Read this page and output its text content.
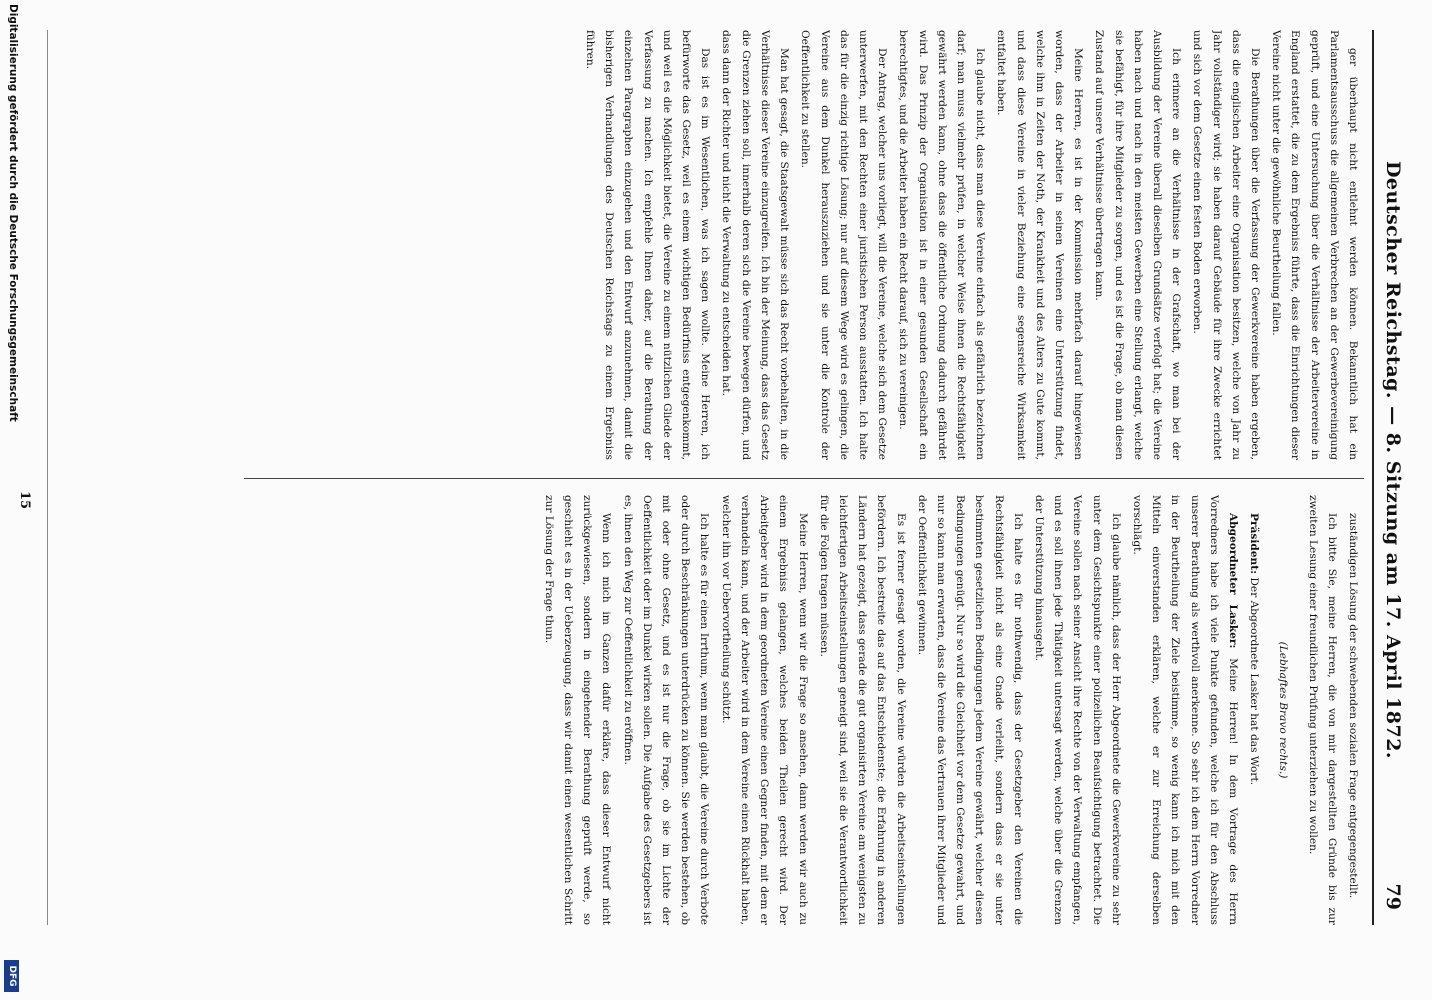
Deutscher Reichstag. — 8. Sitzung am 17. April 1872.
79

ger überhaupt nicht entlehnt werden können. Bekanntlich hat ein Parlamentsausschuss die allgemeinen Verbrechen an der Gewerbevereinigung geprüft, und eine Untersuchung über die Verhältnisse der Arbeitervereine in England erstattet, die zu dem Ergebniss führte, dass die Einrichtungen dieser Vereine nicht unter die gewöhnliche Beurtheilung fallen.

Die Berathungen über die Verfassung der Gewerkvereine haben ergeben, dass die englischen Arbeiter eine Organisation besitzen, welche von Jahr zu Jahr vollständiger wird; sie haben darauf Gebäude für ihre Zwecke errichtet und sich vor dem Gesetze einen festen Boden erworben.

Ich erinnere an die Verhältnisse in der Grafschaft, wo man bei der Ausbildung der Vereine überall dieselben Grundsätze verfolgt hat; die Vereine haben nach und nach in den meisten Gewerben eine Stellung erlangt, welche sie befähigt, für ihre Mitglieder zu sorgen, und es ist die Frage, ob man diesen Zustand auf unsere Verhältnisse übertragen kann.

Meine Herren, es ist in der Kommission mehrfach darauf hingewiesen worden, dass der Arbeiter in seinen Vereinen eine Unterstützung findet, welche ihm in Zeiten der Noth, der Krankheit und des Alters zu Gute kommt, und dass diese Vereine in vieler Beziehung eine segensreiche Wirksamkeit entfaltet haben.

Ich glaube nicht, dass man diese Vereine einfach als gefährlich bezeichnen darf; man muss vielmehr prüfen, in welcher Weise ihnen die Rechtsfähigkeit gewährt werden kann, ohne dass die öffentliche Ordnung dadurch gefährdet wird. Das Prinzip der Organisation ist in einer gesunden Gesellschaft ein berechtigtes, und die Arbeiter haben ein Recht darauf, sich zu vereinigen.

Der Antrag, welcher uns vorliegt, will die Vereine, welche sich dem Gesetze unterwerfen, mit den Rechten einer juristischen Person ausstatten. Ich halte das für die einzig richtige Lösung; nur auf diesem Wege wird es gelingen, die Vereine aus dem Dunkel herauszuziehen und sie unter die Kontrole der Oeffentlichkeit zu stellen.

Man hat gesagt, die Staatsgewalt müsse sich das Recht vorbehalten, in die Verhältnisse dieser Vereine einzugreifen. Ich bin der Meinung, dass das Gesetz die Grenzen ziehen soll, innerhalb deren sich die Vereine bewegen dürfen, und dass dann der Richter und nicht die Verwaltung zu entscheiden hat.

Das ist es im Wesentlichen, was ich sagen wollte. Meine Herren, ich befürworte das Gesetz, weil es einem wichtigen Bedürfniss entgegenkommt, und weil es die Möglichkeit bietet, die Vereine zu einem nützlichen Gliede der Verfassung zu machen. Ich empfehle Ihnen daher, auf die Berathung der einzelnen Paragraphen einzugehen und den Entwurf anzunehmen, damit die bisherigen Verhandlungen des Deutschen Reichstags zu einem Ergebniss führen.

zuständigen Lösung der schwebenden sozialen Frage entgegengestellt.

Ich bitte Sie, meine Herren, die von mir dargestellten Gründe bis zur zweiten Lesung einer freundlichen Prüfung unterziehen zu wollen.

(Lebhaftes Bravo rechts.)

Präsident: Der Abgeordnete Lasker hat das Wort.

Abgeordneter Lasker: Meine Herren! In dem Vortrage des Herrn Vorredners habe ich viele Punkte gefunden, welche ich für den Abschluss unserer Berathung als werthvoll anerkenne. So sehr ich dem Herrn Vorredner in der Beurtheilung der Ziele beistimme, so wenig kann ich mich mit den Mitteln einverstanden erklären, welche er zur Erreichung derselben vorschlägt.

Ich glaube nämlich, dass der Herr Abgeordnete die Gewerkvereine zu sehr unter dem Gesichtspunkte einer polizeilichen Beaufsichtigung betrachtet. Die Vereine sollen nach seiner Ansicht ihre Rechte von der Verwaltung empfangen, und es soll ihnen jede Thätigkeit untersagt werden, welche über die Grenzen der Unterstützung hinausgeht.

Ich halte es für nothwendig, dass der Gesetzgeber den Vereinen die Rechtsfähigkeit nicht als eine Gnade verleiht, sondern dass er sie unter bestimmten gesetzlichen Bedingungen jedem Vereine gewährt, welcher diesen Bedingungen genügt. Nur so wird die Gleichheit vor dem Gesetze gewahrt, und nur so kann man erwarten, dass die Vereine das Vertrauen ihrer Mitglieder und der Oeffentlichkeit gewinnen.

Es ist ferner gesagt worden, die Vereine würden die Arbeitseinstellungen befördern. Ich bestreite das auf das Entschiedenste; die Erfahrung in anderen Ländern hat gezeigt, dass gerade die gut organisirten Vereine am wenigsten zu leichtfertigen Arbeitseinstellungen geneigt sind, weil sie die Verantwortlichkeit für die Folgen tragen müssen.

Meine Herren, wenn wir die Frage so ansehen, dann werden wir auch zu einem Ergebniss gelangen, welches beiden Theilen gerecht wird. Der Arbeitgeber wird in dem geordneten Vereine einen Gegner finden, mit dem er verhandeln kann, und der Arbeiter wird in dem Vereine einen Rückhalt haben, welcher ihn vor Uebervortheilung schützt.

Ich halte es für einen Irrthum, wenn man glaubt, die Vereine durch Verbote oder durch Beschränkungen unterdrücken zu können. Sie werden bestehen, ob mit oder ohne Gesetz, und es ist nur die Frage, ob sie im Lichte der Oeffentlichkeit oder im Dunkel wirken sollen. Die Aufgabe des Gesetzgebers ist es, ihnen den Weg zur Oeffentlichkeit zu eröffnen.

Wenn ich mich im Ganzen dafür erkläre, dass dieser Entwurf nicht zurückgewiesen, sondern in eingehender Berathung geprüft werde, so geschieht es in der Ueberzeugung, dass wir damit einen wesentlichen Schritt zur Lösung der Frage thun.

15
Digitalisierung gefördert durch die Deutsche Forschungsgemeinschaft
DFG
